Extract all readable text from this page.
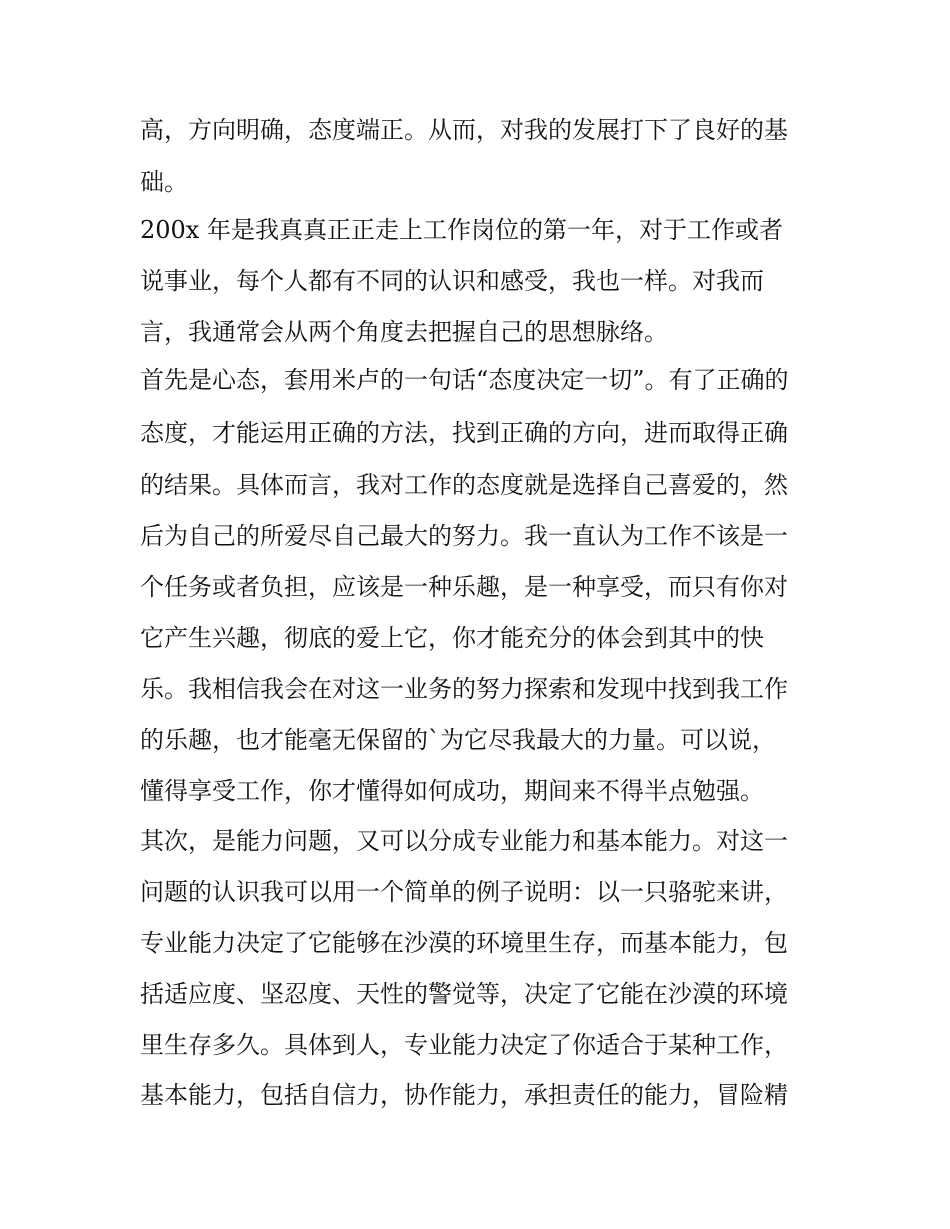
高，方向明确，态度端正。从而，对我的发展打下了良好的基
础。
200x 年是我真真正正走上工作岗位的第一年，对于工作或者
说事业，每个人都有不同的认识和感受，我也一样。对我而
言，我通常会从两个角度去把握自己的思想脉络。
首先是心态，套用米卢的一句话“态度决定一切”。有了正确的
态度，才能运用正确的方法，找到正确的方向，进而取得正确
的结果。具体而言，我对工作的态度就是选择自己喜爱的，然
后为自己的所爱尽自己最大的努力。我一直认为工作不该是一
个任务或者负担，应该是一种乐趣，是一种享受，而只有你对
它产生兴趣，彻底的爱上它，你才能充分的体会到其中的快
乐。我相信我会在对这一业务的努力探索和发现中找到我工作
的乐趣，也才能毫无保留的`为它尽我最大的力量。可以说，
懂得享受工作，你才懂得如何成功，期间来不得半点勉强。
其次，是能力问题，又可以分成专业能力和基本能力。对这一
问题的认识我可以用一个简单的例子说明：以一只骆驼来讲，
专业能力决定了它能够在沙漠的环境里生存，而基本能力，包
括适应度、坚忍度、天性的警觉等，决定了它能在沙漠的环境
里生存多久。具体到人，专业能力决定了你适合于某种工作，
基本能力，包括自信力，协作能力，承担责任的能力，冒险精
